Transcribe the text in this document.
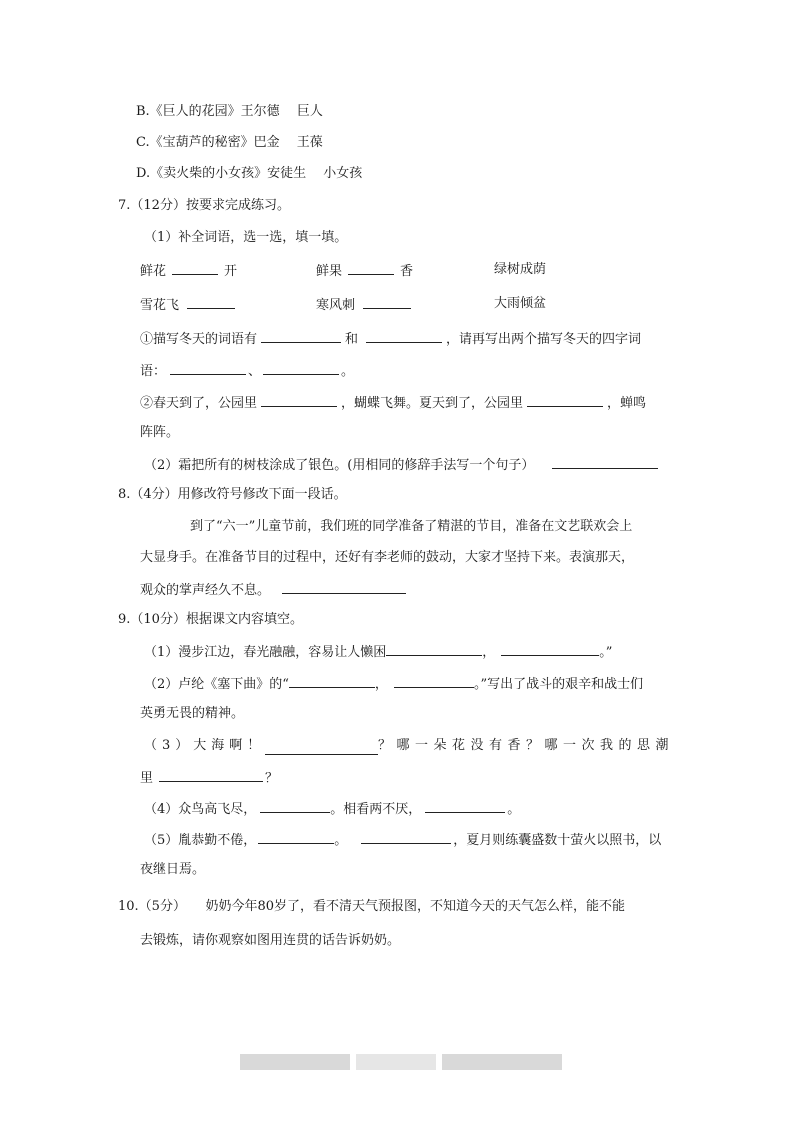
B.《巨人的花园》王尔德　 巨人
C.《宝葫芦的秘密》巴金　 王葆
D.《卖火柴的小女孩》安徒生　 小女孩
7.（12分）按要求完成练习。
（1）补全词语，选一选，填一填。
鲜花	开	鲜果	香	绿树成荫
雪花飞	寒风刺	大雨倾盆
①描写冬天的词语有	和	，请再写出两个描写冬天的四字词
语：	、	。
②春天到了，公园里	，蝴蝶飞舞。夏天到了，公园里	，蝉鸣
阵阵。
（2）霜把所有的树枝涂成了银色。(用相同的修辞手法写一个句子）
8.（4分）用修改符号修改下面一段话。
到了“六一”儿童节前，我们班的同学准备了精湛的节目，准备在文艺联欢会上
大显身手。在准备节目的过程中，还好有李老师的鼓动，大家才坚持下来。表演那天，
观众的掌声经久不息。
9.（10分）根据课文内容填空。
（1）漫步江边，春光融融，容易让人懒困	，	。”
（2）卢纶《塞下曲》的“	，	。”写出了战斗的艰辛和战士们
英勇无畏的精神。
（3）大海啊！	？哪一朵花没有香？哪一次我的思潮
里	？
（4）众鸟高飞尽，	。相看两不厌，	。
（5）胤恭勤不倦，	。	，夏月则练囊盛数十萤火以照书，以
夜继日焉。
10.（5分）　　奶奶今年80岁了，看不清天气预报图，不知道今天的天气怎么样，能不能
去锻炼，请你观察如图用连贯的话告诉奶奶。
